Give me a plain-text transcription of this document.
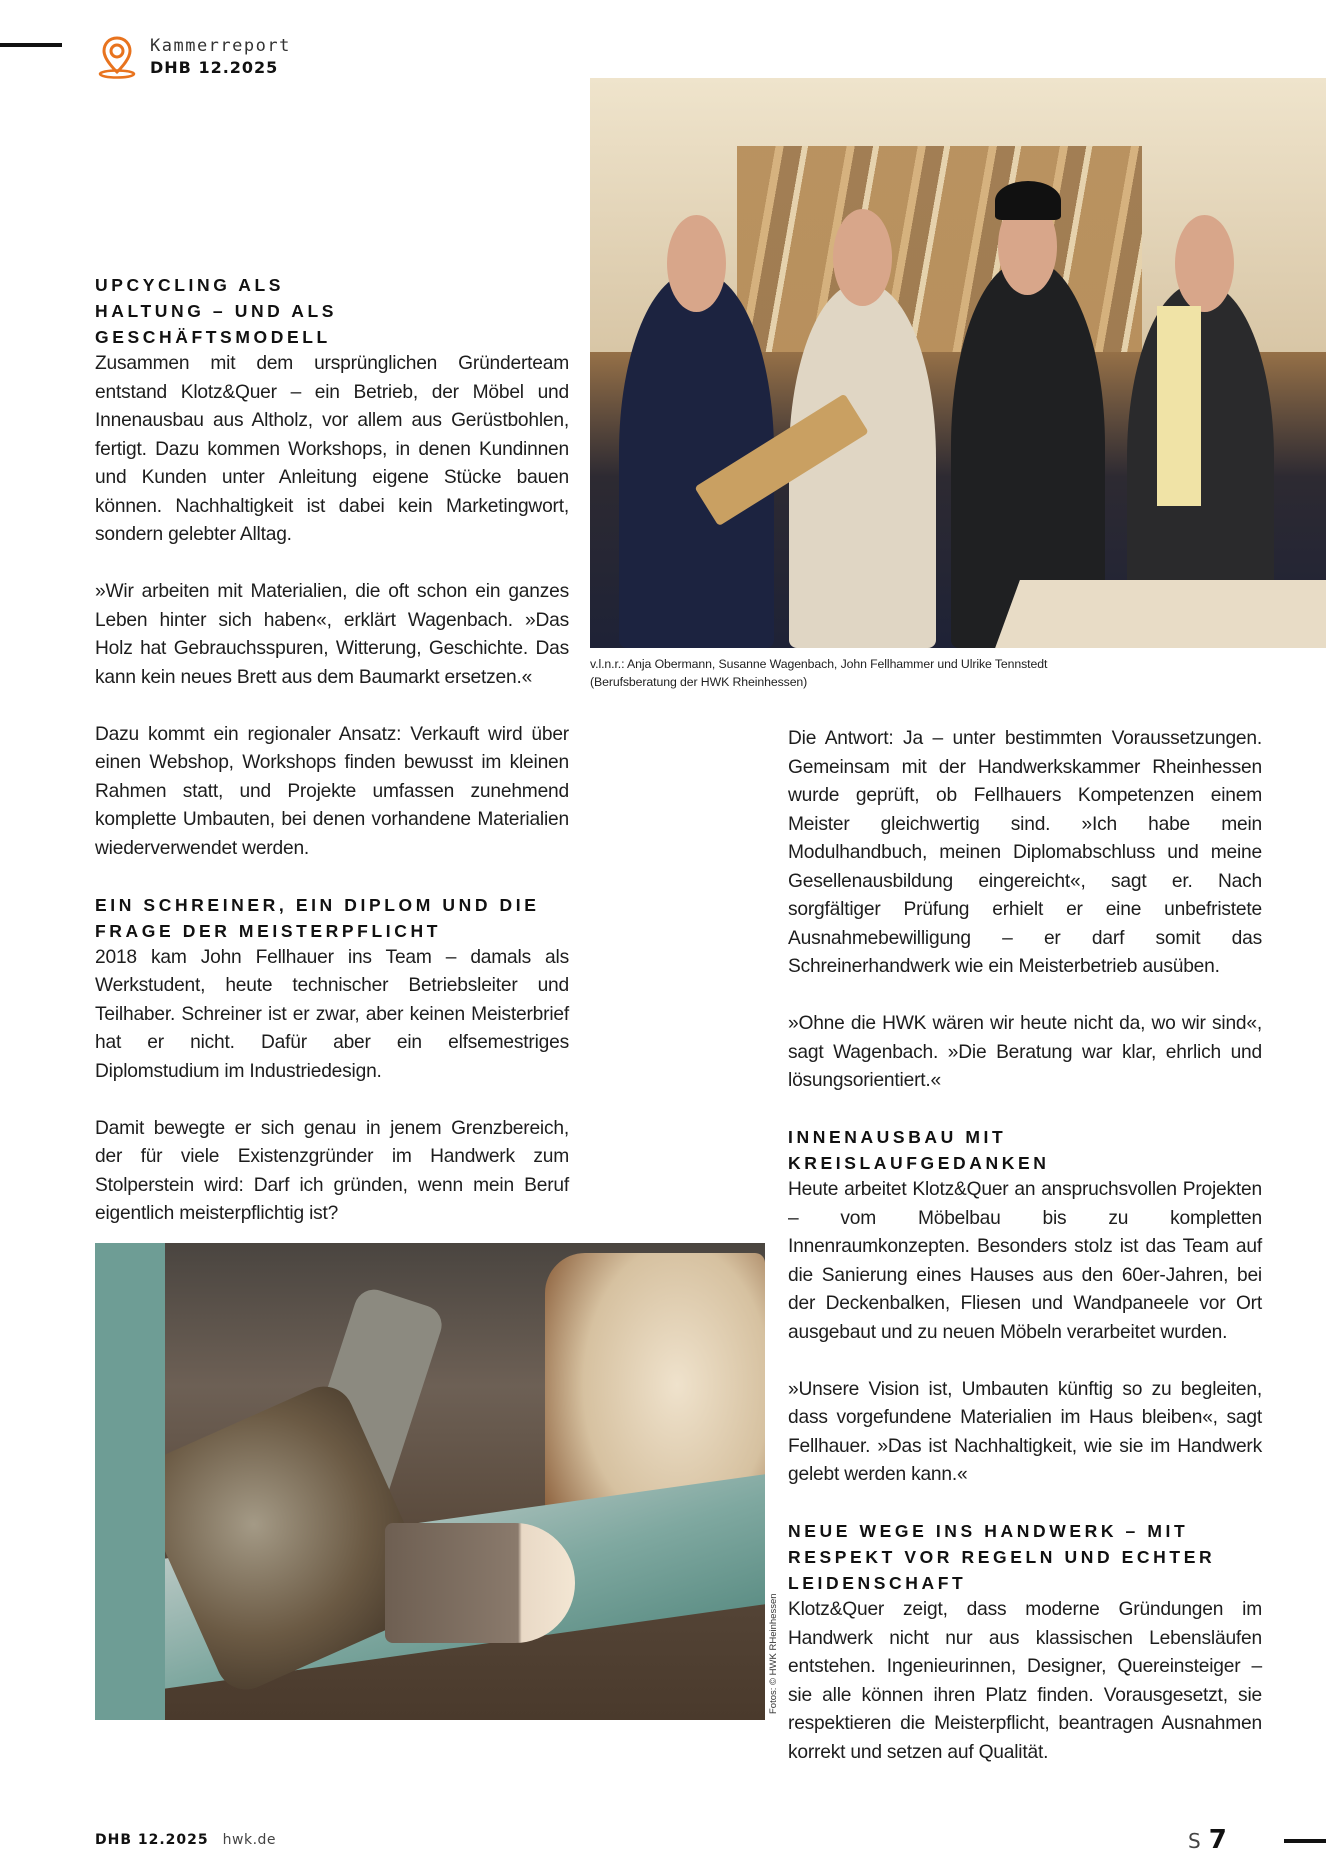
Kammerreport
DHB 12.2025
v.l.n.r.: Anja Obermann, Susanne Wagenbach, John Fellhammer und Ulrike Tennstedt
(Berufsberatung der HWK Rheinhessen)
UPCYCLING ALS HALTUNG – UND ALS GESCHÄFTSMODELL

Zusammen mit dem ursprünglichen Gründerteam entstand Klotz&Quer – ein Betrieb, der Möbel und Innenausbau aus Altholz, vor allem aus Gerüstbohlen, fertigt. Dazu kommen Workshops, in denen Kundinnen und Kunden unter Anleitung eigene Stücke bauen können. Nachhaltigkeit ist dabei kein Marketingwort, sondern gelebter Alltag.

»Wir arbeiten mit Materialien, die oft schon ein ganzes Leben hinter sich haben«, erklärt Wagenbach. »Das Holz hat Gebrauchsspuren, Witterung, Geschichte. Das kann kein neues Brett aus dem Baumarkt ersetzen.«

Dazu kommt ein regionaler Ansatz: Verkauft wird über einen Webshop, Workshops finden bewusst im kleinen Rahmen statt, und Projekte umfassen zunehmend komplette Umbauten, bei denen vorhandene Materialien wiederverwendet werden.

EIN SCHREINER, EIN DIPLOM UND DIE FRAGE DER MEISTERPFLICHT

2018 kam John Fellhauer ins Team – damals als Werkstudent, heute technischer Betriebsleiter und Teilhaber. Schreiner ist er zwar, aber keinen Meisterbrief hat er nicht. Dafür aber ein elfsemestriges Diplomstudium im Industriedesign.

Damit bewegte er sich genau in jenem Grenzbereich, der für viele Existenzgründer im Handwerk zum Stolperstein wird: Darf ich gründen, wenn mein Beruf eigentlich meisterpflichtig ist?

Die Antwort: Ja – unter bestimmten Voraussetzungen. Gemeinsam mit der Handwerkskammer Rheinhessen wurde geprüft, ob Fellhauers Kompetenzen einem Meister gleichwertig sind. »Ich habe mein Modulhandbuch, meinen Diplomabschluss und meine Gesellenausbildung eingereicht«, sagt er. Nach sorgfältiger Prüfung erhielt er eine unbefristete Ausnahmebewilligung – er darf somit das Schreinerhandwerk wie ein Meisterbetrieb ausüben.

»Ohne die HWK wären wir heute nicht da, wo wir sind«, sagt Wagenbach. »Die Beratung war klar, ehrlich und lösungsorientiert.«

INNENAUSBAU MIT KREISLAUFGEDANKEN

Heute arbeitet Klotz&Quer an anspruchsvollen Projekten – vom Möbelbau bis zu kompletten Innenraumkonzepten. Besonders stolz ist das Team auf die Sanierung eines Hauses aus den 60er-Jahren, bei der Deckenbalken, Fliesen und Wandpaneele vor Ort ausgebaut und zu neuen Möbeln verarbeitet wurden.

»Unsere Vision ist, Umbauten künftig so zu begleiten, dass vorgefundene Materialien im Haus bleiben«, sagt Fellhauer. »Das ist Nachhaltigkeit, wie sie im Handwerk gelebt werden kann.«

NEUE WEGE INS HANDWERK – MIT RESPEKT VOR REGELN UND ECHTER LEIDENSCHAFT

Klotz&Quer zeigt, dass moderne Gründungen im Handwerk nicht nur aus klassischen Lebensläufen entstehen. Ingenieurinnen, Designer, Quereinsteiger – sie alle können ihren Platz finden. Vorausgesetzt, sie respektieren die Meisterpflicht, beantragen Ausnahmen korrekt und setzen auf Qualität.

Fotos: © HWK RHeinhessen
DHB 12.2025 hwk.de	S 7
